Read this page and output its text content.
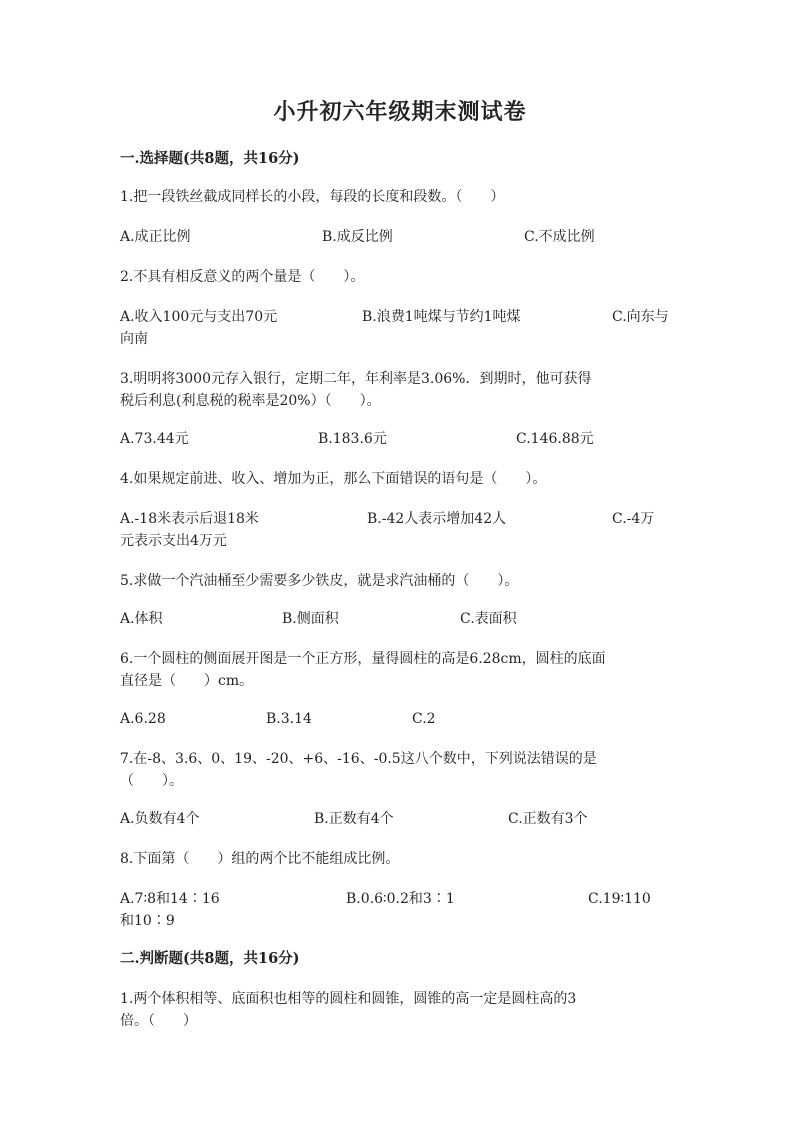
小升初六年级期末测试卷
一.选择题(共8题，共16分)
1.把一段铁丝截成同样长的小段，每段的长度和段数。（　　）
A.成正比例	B.成反比例	C.不成比例
2.不具有相反意义的两个量是（　　）。
A.收入100元与支出70元	B.浪费1吨煤与节约1吨煤	C.向东与
向南
3.明明将3000元存入银行，定期二年，年利率是3.06%．到期时，他可获得
税后利息(利息税的税率是20%）（　　）。
A.73.44元	B.183.6元	C.146.88元
4.如果规定前进、收入、增加为正，那么下面错误的语句是（　　）。
A.-18米表示后退18米	B.-42人表示增加42人	C.-4万
元表示支出4万元
5.求做一个汽油桶至少需要多少铁皮，就是求汽油桶的（　　）。
A.体积	B.侧面积	C.表面积
6.一个圆柱的侧面展开图是一个正方形，量得圆柱的高是6.28cm，圆柱的底面
直径是（　　）cm。
A.6.28	B.3.14	C.2
7.在-8、3.6、0、19、-20、+6、-16、-0.5这八个数中，下列说法错误的是
（　　）。
A.负数有4个	B.正数有4个	C.正数有3个
8.下面第（　　）组的两个比不能组成比例。
A.7∶8和14∶16	B.0.6∶0.2和3∶1	C.19∶110
和10∶9
二.判断题(共8题，共16分)
1.两个体积相等、底面积也相等的圆柱和圆锥，圆锥的高一定是圆柱高的3
倍。（　　）
